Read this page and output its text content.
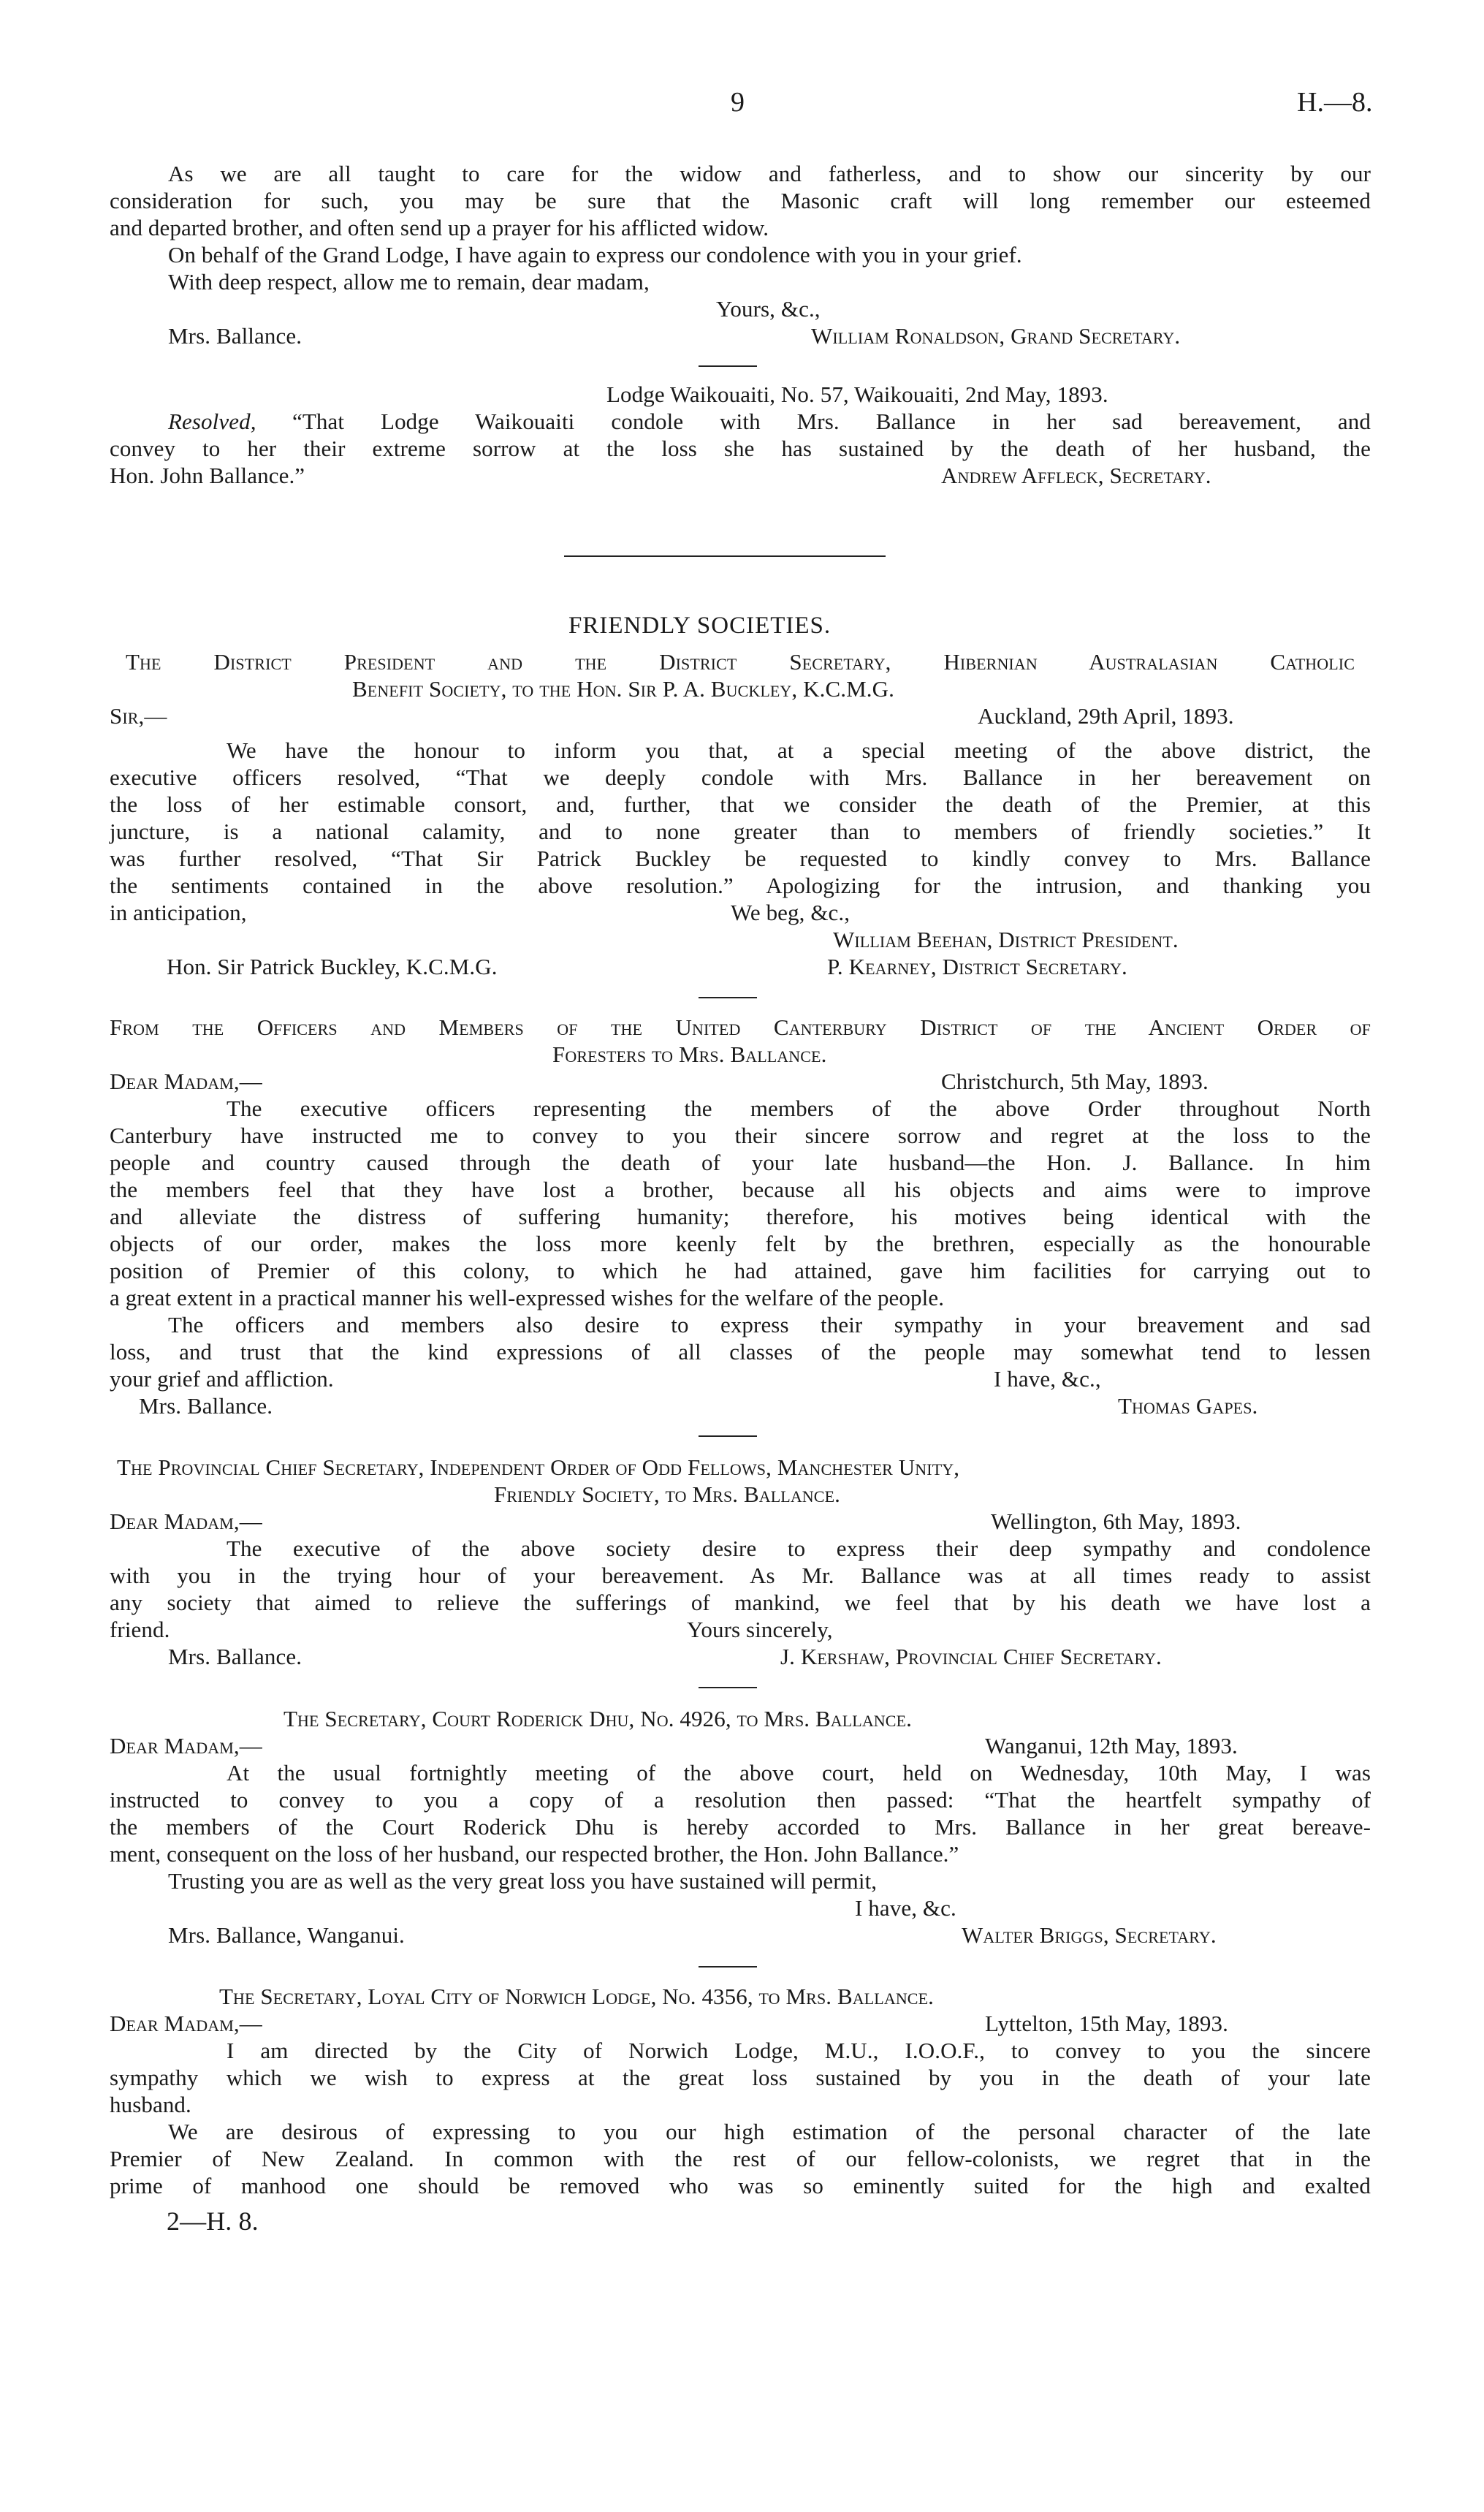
9	H.—8.
As we are all taught to care for the widow and fatherless, and to show our sincerity by our
consideration for such, you may be sure that the Masonic craft will long remember our esteemed
and departed brother, and often send up a prayer for his afflicted widow.
On behalf of the Grand Lodge, I have again to express our condolence with you in your grief.
With deep respect, allow me to remain, dear madam,
Yours, &c.,
Mrs. Ballance.	William Ronaldson, Grand Secretary.
Lodge Waikouaiti, No. 57, Waikouaiti, 2nd May, 1893.
Resolved, “That Lodge Waikouaiti condole with Mrs. Ballance in her sad bereavement, and
convey to her their extreme sorrow at the loss she has sustained by the death of her husband, the
Hon. John Ballance.”	Andrew Affleck, Secretary.
FRIENDLY SOCIETIES.
The District President and the District Secretary, Hibernian Australasian Catholic
Benefit Society, to the Hon. Sir P. A. Buckley, K.C.M.G.
Sir,—	Auckland, 29th April, 1893.
We have the honour to inform you that, at a special meeting of the above district, the
executive officers resolved, “That we deeply condole with Mrs. Ballance in her bereavement on
the loss of her estimable consort, and, further, that we consider the death of the Premier, at this
juncture, is a national calamity, and to none greater than to members of friendly societies.” It
was further resolved, “That Sir Patrick Buckley be requested to kindly convey to Mrs. Ballance
the sentiments contained in the above resolution.” Apologizing for the intrusion, and thanking you
in anticipation,	We beg, &c.,
William Beehan, District President.
Hon. Sir Patrick Buckley, K.C.M.G.	P. Kearney, District Secretary.
From the Officers and Members of the United Canterbury District of the Ancient Order of
Foresters to Mrs. Ballance.
Dear Madam,—	Christchurch, 5th May, 1893.
The executive officers representing the members of the above Order throughout North
Canterbury have instructed me to convey to you their sincere sorrow and regret at the loss to the
people and country caused through the death of your late husband—the Hon. J. Ballance. In him
the members feel that they have lost a brother, because all his objects and aims were to improve
and alleviate the distress of suffering humanity; therefore, his motives being identical with the
objects of our order, makes the loss more keenly felt by the brethren, especially as the honourable
position of Premier of this colony, to which he had attained, gave him facilities for carrying out to
a great extent in a practical manner his well-expressed wishes for the welfare of the people.
The officers and members also desire to express their sympathy in your breavement and sad
loss, and trust that the kind expressions of all classes of the people may somewhat tend to lessen
your grief and affliction.	I have, &c.,
Mrs. Ballance.	Thomas Gapes.
The Provincial Chief Secretary, Independent Order of Odd Fellows, Manchester Unity,
Friendly Society, to Mrs. Ballance.
Dear Madam,—	Wellington, 6th May, 1893.
The executive of the above society desire to express their deep sympathy and condolence
with you in the trying hour of your bereavement. As Mr. Ballance was at all times ready to assist
any society that aimed to relieve the sufferings of mankind, we feel that by his death we have lost a
friend.	Yours sincerely,
Mrs. Ballance.	J. Kershaw, Provincial Chief Secretary.
The Secretary, Court Roderick Dhu, No. 4926, to Mrs. Ballance.
Dear Madam,—	Wanganui, 12th May, 1893.
At the usual fortnightly meeting of the above court, held on Wednesday, 10th May, I was
instructed to convey to you a copy of a resolution then passed: “That the heartfelt sympathy of
the members of the Court Roderick Dhu is hereby accorded to Mrs. Ballance in her great bereave-
ment, consequent on the loss of her husband, our respected brother, the Hon. John Ballance.”
Trusting you are as well as the very great loss you have sustained will permit,
I have, &c.
Mrs. Ballance, Wanganui.	Walter Briggs, Secretary.
The Secretary, Loyal City of Norwich Lodge, No. 4356, to Mrs. Ballance.
Dear Madam,—	Lyttelton, 15th May, 1893.
I am directed by the City of Norwich Lodge, M.U., I.O.O.F., to convey to you the sincere
sympathy which we wish to express at the great loss sustained by you in the death of your late
husband.
We are desirous of expressing to you our high estimation of the personal character of the late
Premier of New Zealand. In common with the rest of our fellow-colonists, we regret that in the
prime of manhood one should be removed who was so eminently suited for the high and exalted
2—H. 8.
